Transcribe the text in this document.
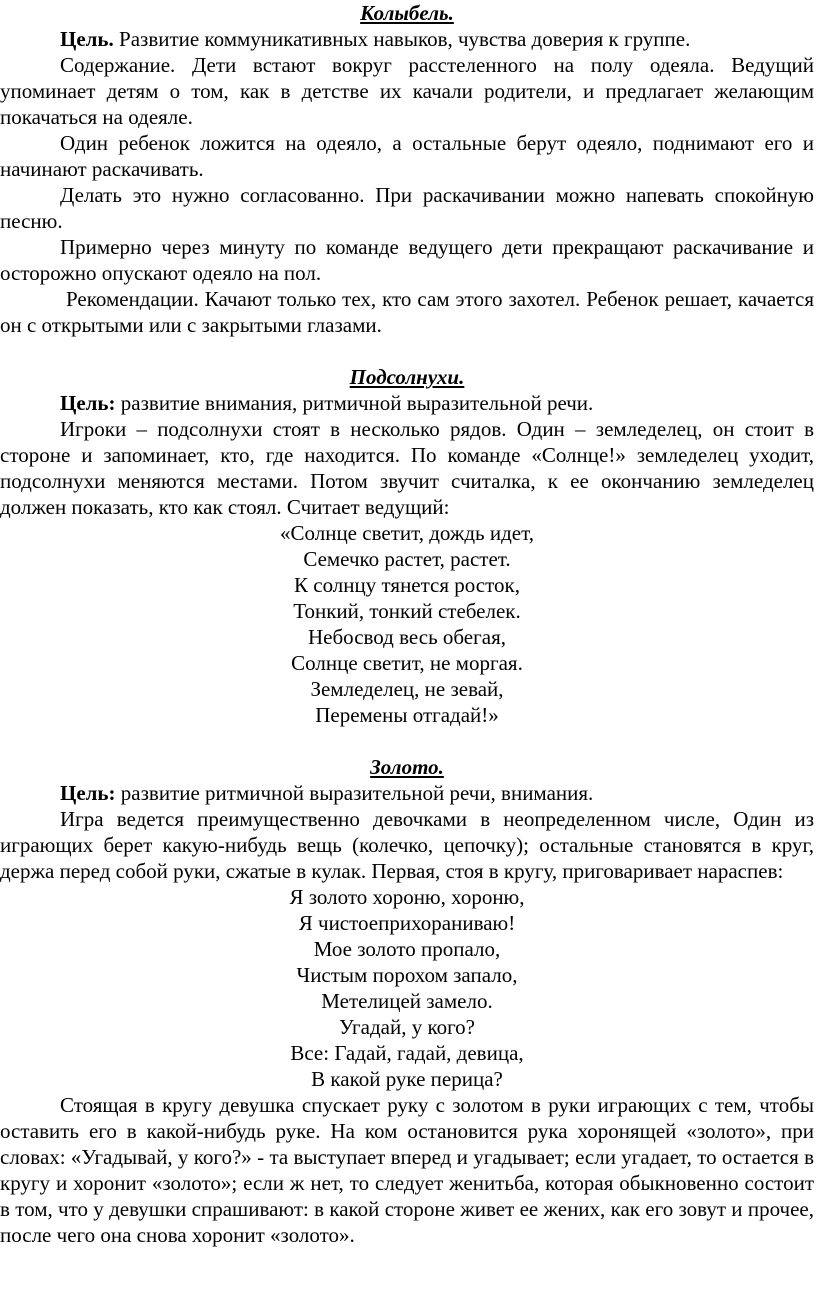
Колыбель.

Цель. Развитие коммуникативных навыков, чувства доверия к группе.

Содержание. Дети встают вокруг расстеленного на полу одеяла. Ведущий упоминает детям о том, как в детстве их качали родители, и предлагает желающим покачаться на одеяле.

Один ребенок ложится на одеяло, а остальные берут одеяло, поднимают его и начинают раскачивать.

Делать это нужно согласованно. При раскачивании можно напевать спокойную песню.

Примерно через минуту по команде ведущего дети прекращают раскачивание и осторожно опускают одеяло на пол.

Рекомендации. Качают только тех, кто сам этого захотел. Ребенок решает, качается он с открытыми или с закрытыми глазами.

Подсолнухи.

Цель: развитие внимания, ритмичной выразительной речи.

Игроки – подсолнухи стоят в несколько рядов. Один – земледелец, он стоит в стороне и запоминает, кто, где находится. По команде «Солнце!» земледелец уходит, подсолнухи меняются местами. Потом звучит считалка, к ее окончанию земледелец должен показать, кто как стоял. Считает ведущий:

«Солнце светит, дождь идет,
Семечко растет, растет.
К солнцу тянется росток,
Тонкий, тонкий стебелек.
Небосвод весь обегая,
Солнце светит, не моргая.
Земледелец, не зевай,
Перемены отгадай!»

Золото.

Цель: развитие ритмичной выразительной речи, внимания.

Игра ведется преимущественно девочками в неопределенном числе, Один из играющих берет какую-нибудь вещь (колечко, цепочку); остальные становятся в круг, держа перед собой руки, сжатые в кулак. Первая, стоя в кругу, приговаривает нараспев:

Я золото хороню, хороню,
Я чистоеприхораниваю!
Мое золото пропало,
Чистым порохом запало,
Метелицей замело.
Угадай, у кого?
Все: Гадай, гадай, девица,
В какой руке перица?

Стоящая в кругу девушка спускает руку с золотом в руки играющих с тем, чтобы оставить его в какой-нибудь руке. На ком остановится рука хоронящей «золото», при словах: «Угадывай, у кого?» - та выступает вперед и угадывает; если угадает, то остается в кругу и хоронит «золото»; если ж нет, то следует женитьба, которая обыкновенно состоит в том, что у девушки спрашивают: в какой стороне живет ее жених, как его зовут и прочее, после чего она снова хоронит «золото».
